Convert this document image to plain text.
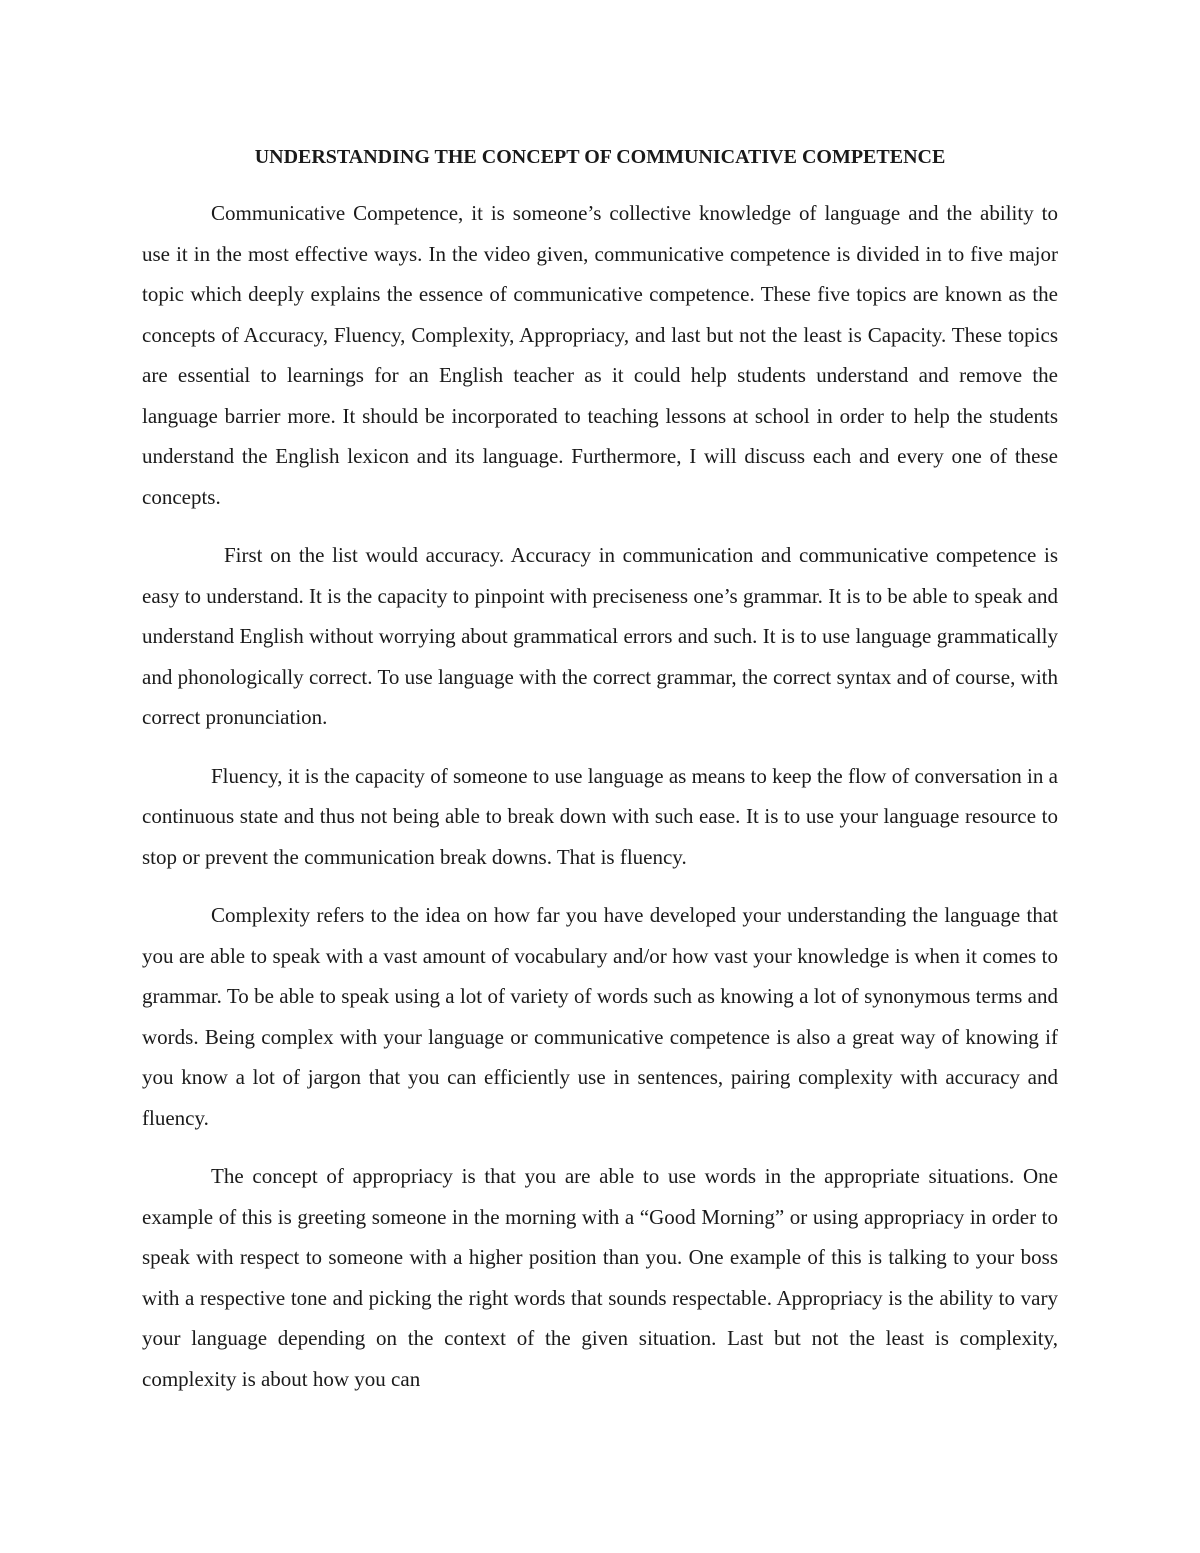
UNDERSTANDING THE CONCEPT OF COMMUNICATIVE COMPETENCE

Communicative Competence, it is someone’s collective knowledge of language and the ability to use it in the most effective ways. In the video given, communicative competence is divided in to five major topic which deeply explains the essence of communicative competence. These five topics are known as the concepts of Accuracy, Fluency, Complexity, Appropriacy, and last but not the least is Capacity. These topics are essential to learnings for an English teacher as it could help students understand and remove the language barrier more. It should be incorporated to teaching lessons at school in order to help the students understand the English lexicon and its language. Furthermore, I will discuss each and every one of these concepts.

First on the list would accuracy. Accuracy in communication and communicative competence is easy to understand. It is the capacity to pinpoint with preciseness one’s grammar. It is to be able to speak and understand English without worrying about grammatical errors and such. It is to use language grammatically and phonologically correct. To use language with the correct grammar, the correct syntax and of course, with correct pronunciation.

Fluency, it is the capacity of someone to use language as means to keep the flow of conversation in a continuous state and thus not being able to break down with such ease. It is to use your language resource to stop or prevent the communication break downs. That is fluency.

Complexity refers to the idea on how far you have developed your understanding the language that you are able to speak with a vast amount of vocabulary and/or how vast your knowledge is when it comes to grammar. To be able to speak using a lot of variety of words such as knowing a lot of synonymous terms and words. Being complex with your language or communicative competence is also a great way of knowing if you know a lot of jargon that you can efficiently use in sentences, pairing complexity with accuracy and fluency.

The concept of appropriacy is that you are able to use words in the appropriate situations. One example of this is greeting someone in the morning with a “Good Morning” or using appropriacy in order to speak with respect to someone with a higher position than you. One example of this is talking to your boss with a respective tone and picking the right words that sounds respectable. Appropriacy is the ability to vary your language depending on the context of the given situation. Last but not the least is complexity, complexity is about how you can
